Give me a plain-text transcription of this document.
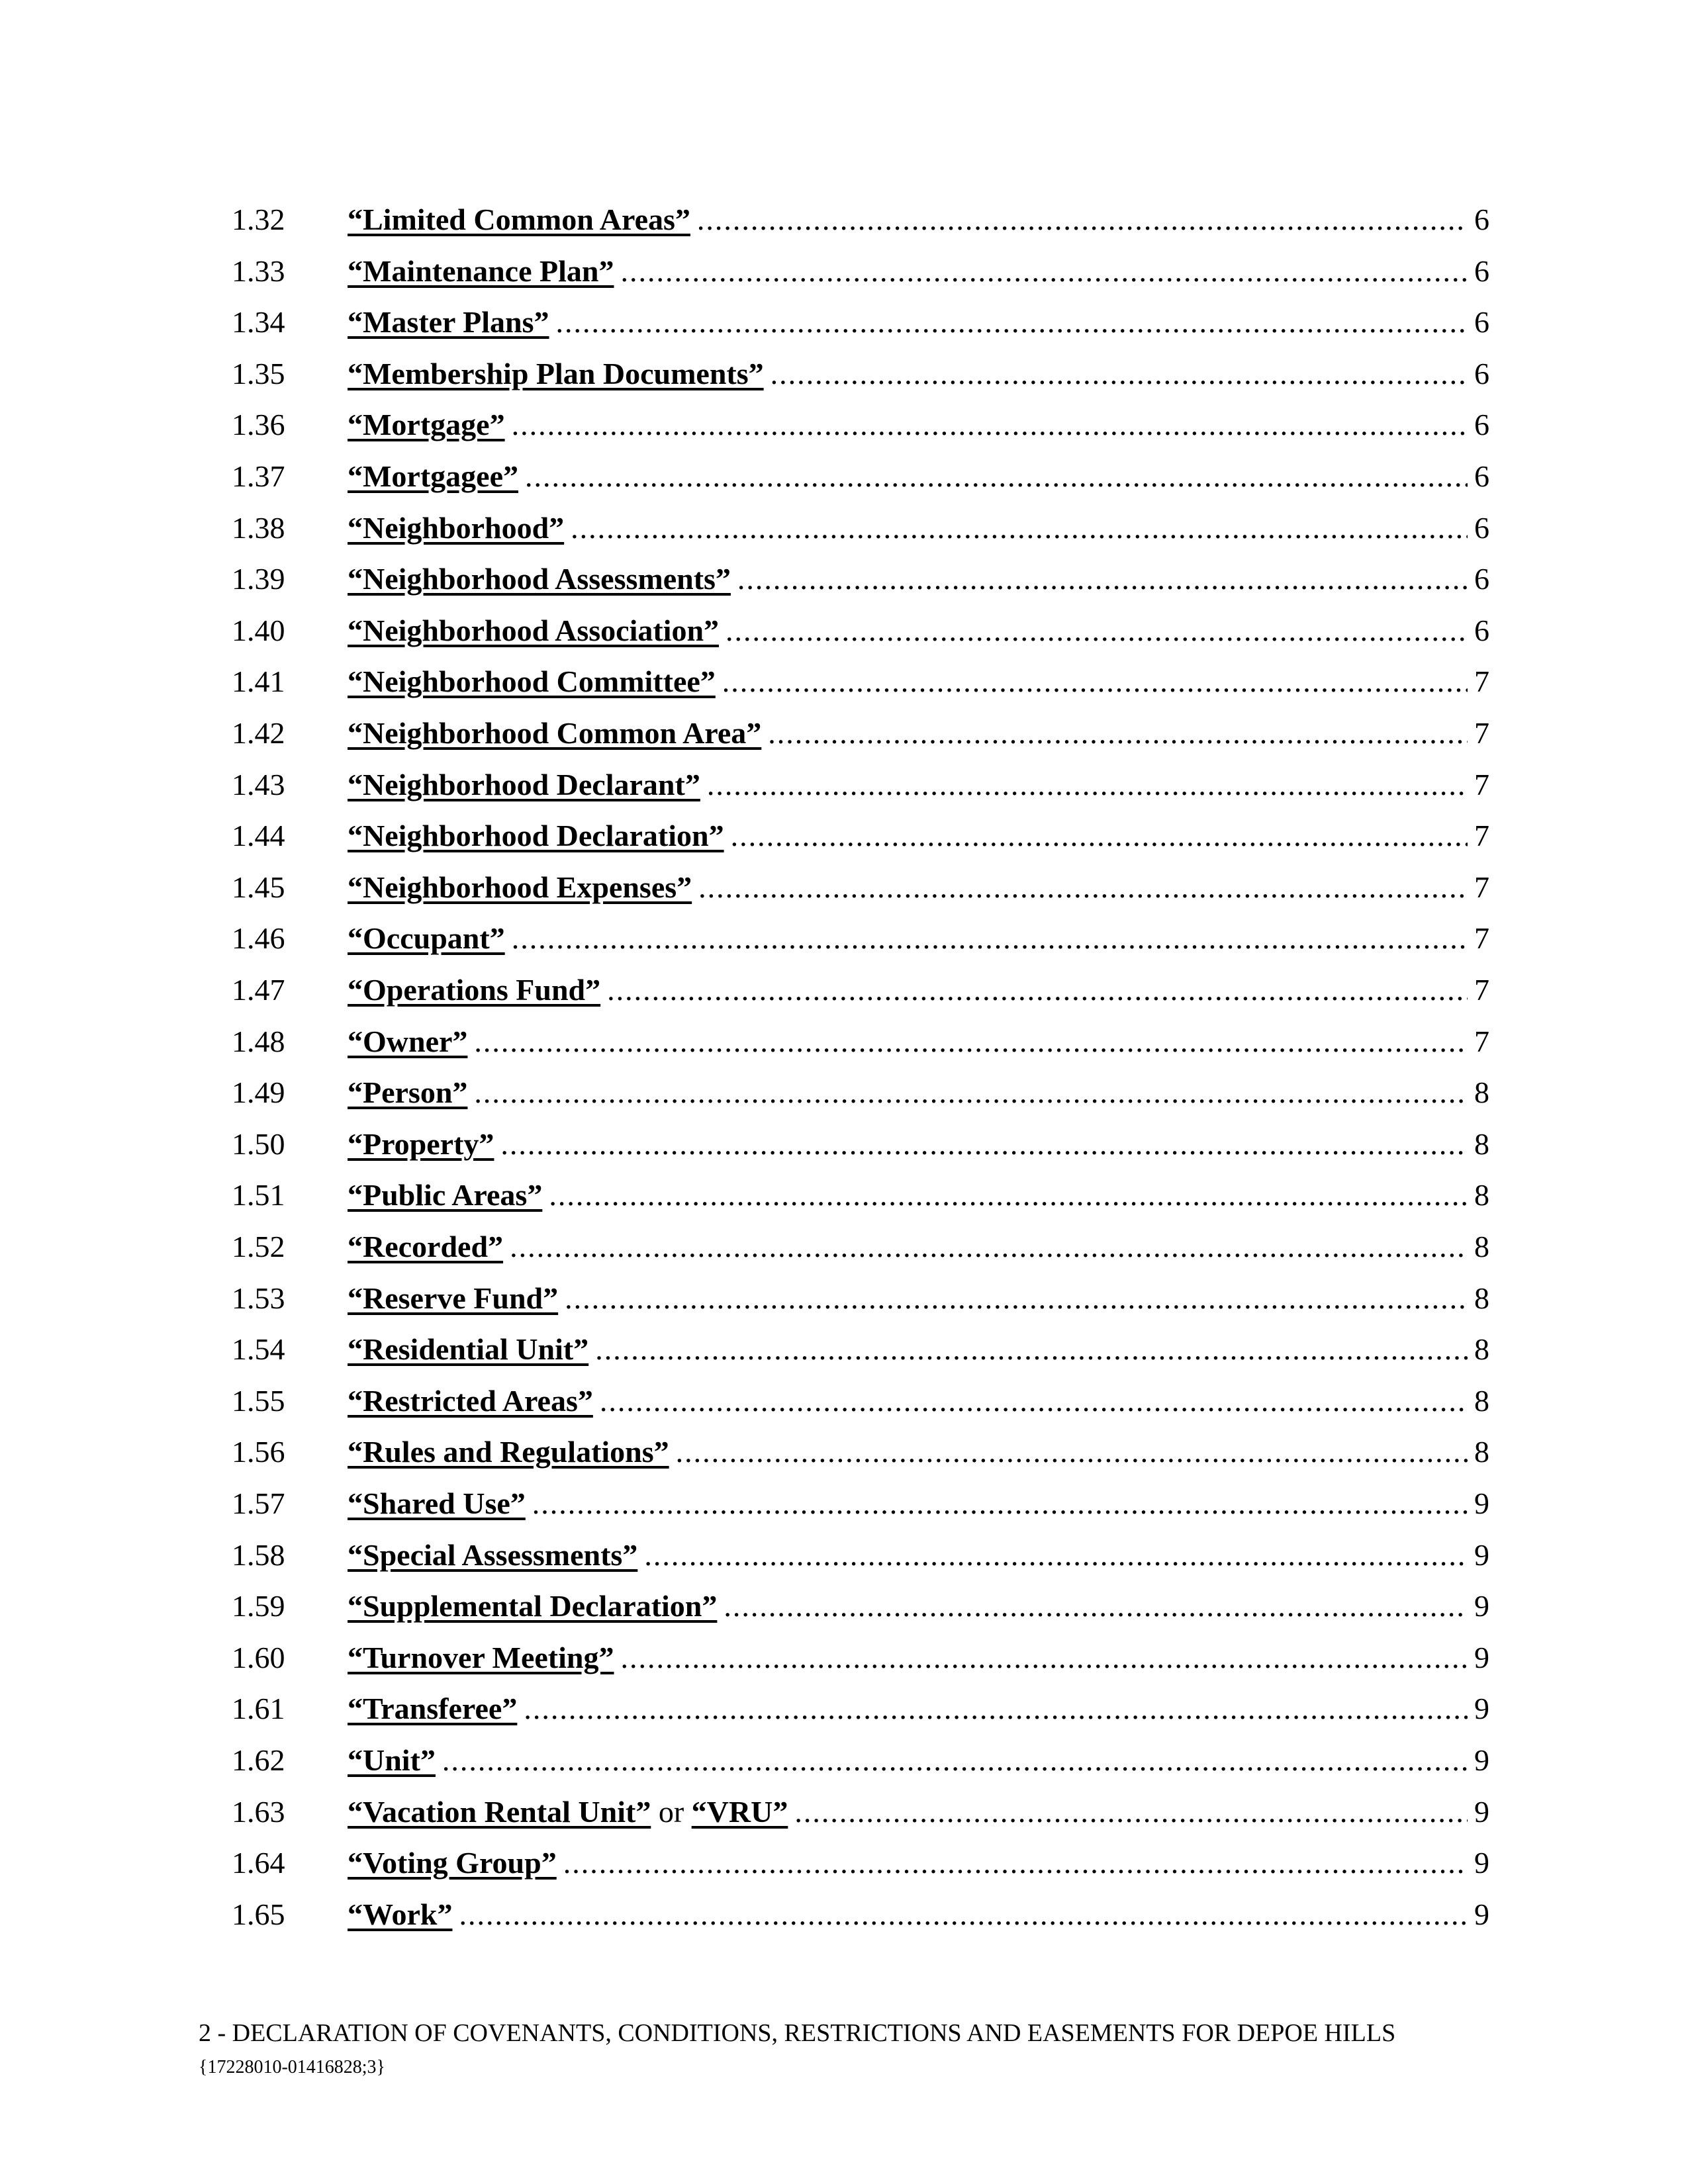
1.32 “Limited Common Areas” .....	6
1.33 “Maintenance Plan” .....	6
1.34 “Master Plans” .....	6
1.35 “Membership Plan Documents” .....	6
1.36 “Mortgage” .....	6
1.37 “Mortgagee” .....	6
1.38 “Neighborhood” .....	6
1.39 “Neighborhood Assessments” .....	6
1.40 “Neighborhood Association” .....	6
1.41 “Neighborhood Committee” .....	7
1.42 “Neighborhood Common Area” .....	7
1.43 “Neighborhood Declarant” .....	7
1.44 “Neighborhood Declaration” .....	7
1.45 “Neighborhood Expenses” .....	7
1.46 “Occupant” .....	7
1.47 “Operations Fund” .....	7
1.48 “Owner” .....	7
1.49 “Person” .....	8
1.50 “Property” .....	8
1.51 “Public Areas” .....	8
1.52 “Recorded” .....	8
1.53 “Reserve Fund” .....	8
1.54 “Residential Unit” .....	8
1.55 “Restricted Areas” .....	8
1.56 “Rules and Regulations” .....	8
1.57 “Shared Use” .....	9
1.58 “Special Assessments” .....	9
1.59 “Supplemental Declaration” .....	9
1.60 “Turnover Meeting” .....	9
1.61 “Transferee” .....	9
1.62 “Unit” .....	9
1.63 “Vacation Rental Unit” or “VRU” .....	9
1.64 “Voting Group” .....	9
1.65 “Work” .....	9
2 - DECLARATION OF COVENANTS, CONDITIONS, RESTRICTIONS AND EASEMENTS FOR DEPOE HILLS
{17228010-01416828;3}
